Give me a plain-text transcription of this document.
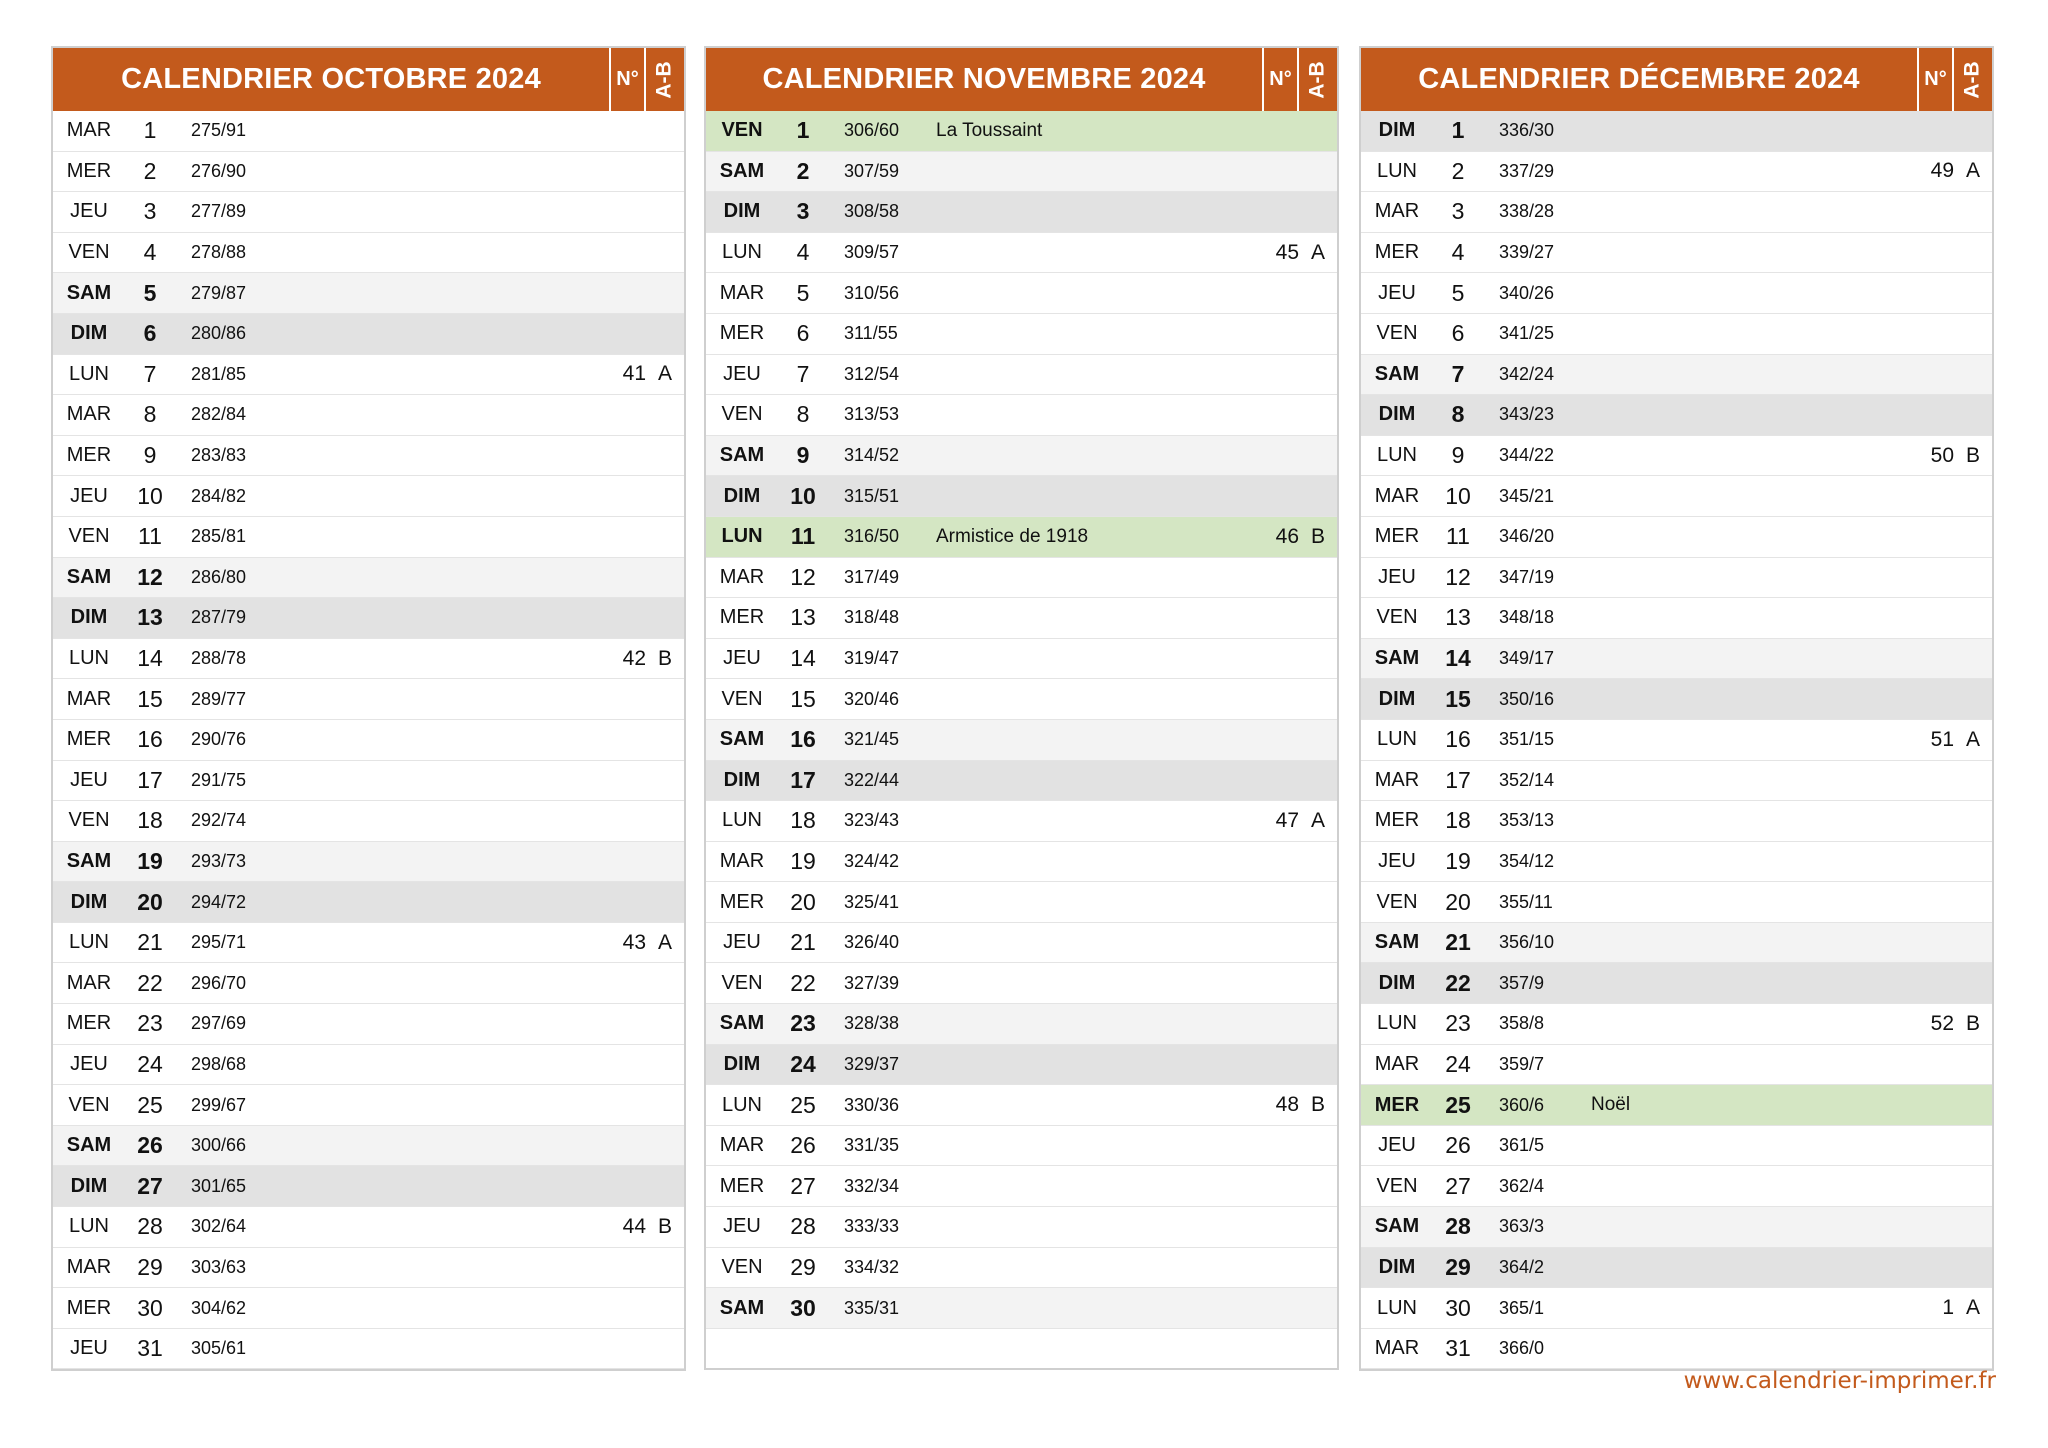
CALENDRIER OCTOBRE 2024	N° A-B
MAR	1	275/91
MER	2	276/90
JEU	3	277/89
VEN	4	278/88
SAM	5	279/87
DIM	6	280/86
LUN	7	281/85	41 A
MAR	8	282/84
MER	9	283/83
JEU	10	284/82
VEN	11	285/81
SAM	12	286/80
DIM	13	287/79
LUN	14	288/78	42 B
MAR	15	289/77
MER	16	290/76
JEU	17	291/75
VEN	18	292/74
SAM	19	293/73
DIM	20	294/72
LUN	21	295/71	43 A
MAR	22	296/70
MER	23	297/69
JEU	24	298/68
VEN	25	299/67
SAM	26	300/66
DIM	27	301/65
LUN	28	302/64	44 B
MAR	29	303/63
MER	30	304/62
JEU	31	305/61
CALENDRIER NOVEMBRE 2024	N° A-B
VEN	1	306/60	La Toussaint
SAM	2	307/59
DIM	3	308/58
LUN	4	309/57	45 A
MAR	5	310/56
MER	6	311/55
JEU	7	312/54
VEN	8	313/53
SAM	9	314/52
DIM	10	315/51
LUN	11	316/50	Armistice de 1918	46 B
MAR	12	317/49
MER	13	318/48
JEU	14	319/47
VEN	15	320/46
SAM	16	321/45
DIM	17	322/44
LUN	18	323/43	47 A
MAR	19	324/42
MER	20	325/41
JEU	21	326/40
VEN	22	327/39
SAM	23	328/38
DIM	24	329/37
LUN	25	330/36	48 B
MAR	26	331/35
MER	27	332/34
JEU	28	333/33
VEN	29	334/32
SAM	30	335/31
CALENDRIER DÉCEMBRE 2024	N° A-B
DIM	1	336/30
LUN	2	337/29	49 A
MAR	3	338/28
MER	4	339/27
JEU	5	340/26
VEN	6	341/25
SAM	7	342/24
DIM	8	343/23
LUN	9	344/22	50 B
MAR	10	345/21
MER	11	346/20
JEU	12	347/19
VEN	13	348/18
SAM	14	349/17
DIM	15	350/16
LUN	16	351/15	51 A
MAR	17	352/14
MER	18	353/13
JEU	19	354/12
VEN	20	355/11
SAM	21	356/10
DIM	22	357/9
LUN	23	358/8	52 B
MAR	24	359/7
MER	25	360/6	Noël
JEU	26	361/5
VEN	27	362/4
SAM	28	363/3
DIM	29	364/2
LUN	30	365/1	1 A
MAR	31	366/0
www.calendrier-imprimer.fr
